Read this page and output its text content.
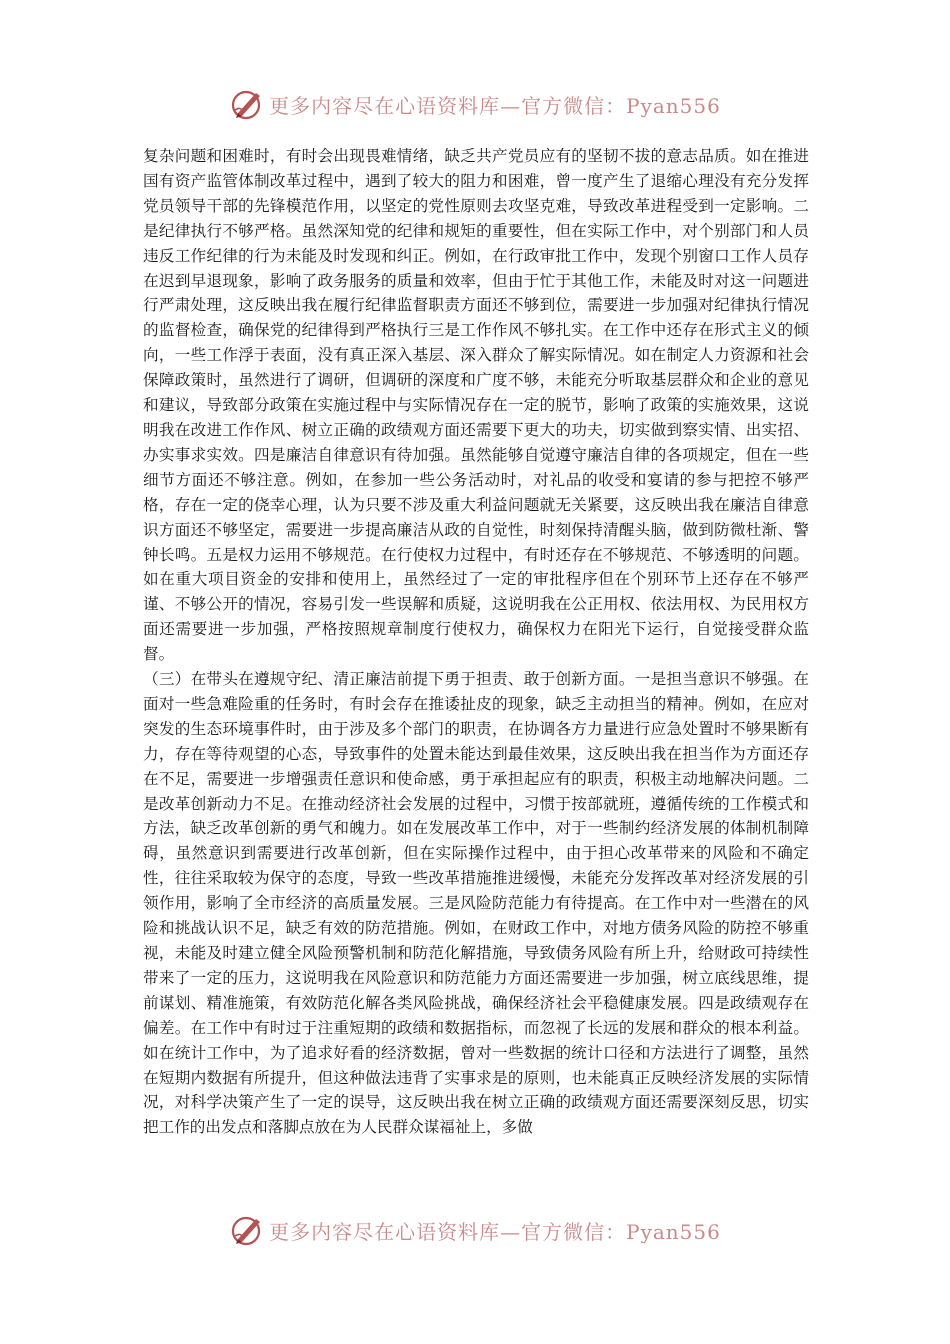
更多内容尽在心语资料库—官方微信：Pyan556

复杂问题和困难时，有时会出现畏难情绪，缺乏共产党员应有的坚韧不拔的意志品质。如在推进国有资产监管体制改革过程中，遇到了较大的阻力和困难，曾一度产生了退缩心理没有充分发挥党员领导干部的先锋模范作用，以坚定的党性原则去攻坚克难，导致改革进程受到一定影响。二是纪律执行不够严格。虽然深知党的纪律和规矩的重要性，但在实际工作中，对个别部门和人员违反工作纪律的行为未能及时发现和纠正。例如，在行政审批工作中，发现个别窗口工作人员存在迟到早退现象，影响了政务服务的质量和效率，但由于忙于其他工作，未能及时对这一问题进行严肃处理，这反映出我在履行纪律监督职责方面还不够到位，需要进一步加强对纪律执行情况的监督检查，确保党的纪律得到严格执行三是工作作风不够扎实。在工作中还存在形式主义的倾向，一些工作浮于表面，没有真正深入基层、深入群众了解实际情况。如在制定人力资源和社会保障政策时，虽然进行了调研，但调研的深度和广度不够，未能充分听取基层群众和企业的意见和建议，导致部分政策在实施过程中与实际情况存在一定的脱节，影响了政策的实施效果，这说明我在改进工作作风、树立正确的政绩观方面还需要下更大的功夫，切实做到察实情、出实招、办实事求实效。四是廉洁自律意识有待加强。虽然能够自觉遵守廉洁自律的各项规定，但在一些细节方面还不够注意。例如，在参加一些公务活动时，对礼品的收受和宴请的参与把控不够严格，存在一定的侥幸心理，认为只要不涉及重大利益问题就无关紧要，这反映出我在廉洁自律意识方面还不够坚定，需要进一步提高廉洁从政的自觉性，时刻保持清醒头脑，做到防微杜渐、警钟长鸣。五是权力运用不够规范。在行使权力过程中，有时还存在不够规范、不够透明的问题。如在重大项目资金的安排和使用上，虽然经过了一定的审批程序但在个别环节上还存在不够严谨、不够公开的情况，容易引发一些误解和质疑，这说明我在公正用权、依法用权、为民用权方面还需要进一步加强，严格按照规章制度行使权力，确保权力在阳光下运行，自觉接受群众监督。

（三）在带头在遵规守纪、清正廉洁前提下勇于担责、敢于创新方面。一是担当意识不够强。在面对一些急难险重的任务时，有时会存在推诿扯皮的现象，缺乏主动担当的精神。例如，在应对突发的生态环境事件时，由于涉及多个部门的职责，在协调各方力量进行应急处置时不够果断有力，存在等待观望的心态，导致事件的处置未能达到最佳效果，这反映出我在担当作为方面还存在不足，需要进一步增强责任意识和使命感，勇于承担起应有的职责，积极主动地解决问题。二是改革创新动力不足。在推动经济社会发展的过程中，习惯于按部就班，遵循传统的工作模式和方法，缺乏改革创新的勇气和魄力。如在发展改革工作中，对于一些制约经济发展的体制机制障碍，虽然意识到需要进行改革创新，但在实际操作过程中，由于担心改革带来的风险和不确定性，往往采取较为保守的态度，导致一些改革措施推进缓慢，未能充分发挥改革对经济发展的引领作用，影响了全市经济的高质量发展。三是风险防范能力有待提高。在工作中对一些潜在的风险和挑战认识不足，缺乏有效的防范措施。例如，在财政工作中，对地方债务风险的防控不够重视，未能及时建立健全风险预警机制和防范化解措施，导致债务风险有所上升，给财政可持续性带来了一定的压力，这说明我在风险意识和防范能力方面还需要进一步加强，树立底线思维，提前谋划、精准施策，有效防范化解各类风险挑战，确保经济社会平稳健康发展。四是政绩观存在偏差。在工作中有时过于注重短期的政绩和数据指标，而忽视了长远的发展和群众的根本利益。如在统计工作中，为了追求好看的经济数据，曾对一些数据的统计口径和方法进行了调整，虽然在短期内数据有所提升，但这种做法违背了实事求是的原则，也未能真正反映经济发展的实际情况，对科学决策产生了一定的误导，这反映出我在树立正确的政绩观方面还需要深刻反思，切实把工作的出发点和落脚点放在为人民群众谋福祉上，多做

更多内容尽在心语资料库—官方微信：Pyan556
